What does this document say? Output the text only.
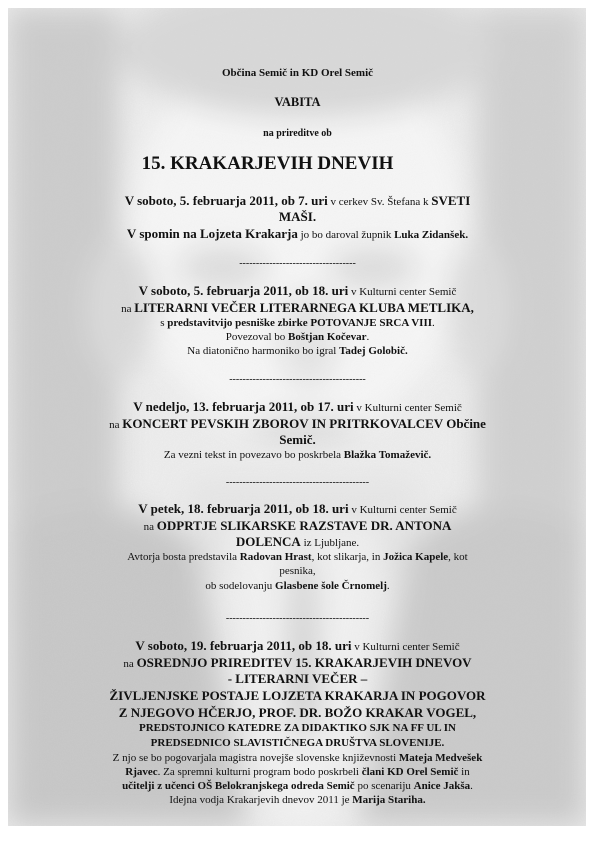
Občina Semič in KD Orel Semič
VABITA
na prireditve ob
15. KRAKARJEVIH DNEVIH
V soboto, 5. februarja 2011, ob 7. uri v cerkev Sv. Štefana k SVETI
MAŠI.
V spomin na Lojzeta Krakarja jo bo daroval župnik Luka Zidanšek.
-----------------------------------
V soboto, 5. februarja 2011, ob 18. uri v Kulturni center Semič
na LITERARNI VEČER LITERARNEGA KLUBA METLIKA,
s predstavitvijo pesniške zbirke POTOVANJE SRCA VIII.
Povezoval bo Boštjan Kočevar.
Na diatonično harmoniko bo igral Tadej Golobič.
-----------------------------------------
V nedeljo, 13. februarja 2011, ob 17. uri v Kulturni center Semič
na KONCERT PEVSKIH ZBOROV IN PRITRKOVALCEV Občine
Semič.
Za vezni tekst in povezavo bo poskrbela Blažka Tomaževič.
-------------------------------------------
V petek, 18. februarja 2011, ob 18. uri v Kulturni center Semič
na ODPRTJE SLIKARSKE RAZSTAVE DR. ANTONA
DOLENCA iz Ljubljane.
Avtorja bosta predstavila Radovan Hrast, kot slikarja, in Jožica Kapele, kot
pesnika,
ob sodelovanju Glasbene šole Črnomelj.
-------------------------------------------
V soboto, 19. februarja 2011, ob 18. uri v Kulturni center Semič
na OSREDNJO PRIREDITEV 15. KRAKARJEVIH DNEVOV
- LITERARNI VEČER –
ŽIVLJENJSKE POSTAJE LOJZETA KRAKARJA IN POGOVOR
Z NJEGOVO HČERJO, PROF. DR. BOŽO KRAKAR VOGEL,
PREDSTOJNICO KATEDRE ZA DIDAKTIKO SJK NA FF UL IN
PREDSEDNICO SLAVISTIČNEGA DRUŠTVA SLOVENIJE.
Z njo se bo pogovarjala magistra novejše slovenske književnosti Mateja Medvešek
Rjavec. Za spremni kulturni program bodo poskrbeli člani KD Orel Semič in
učitelji z učenci OŠ Belokranjskega odreda Semič po scenariju Anice Jakša.
Idejna vodja Krakarjevih dnevov 2011 je Marija Stariha.
